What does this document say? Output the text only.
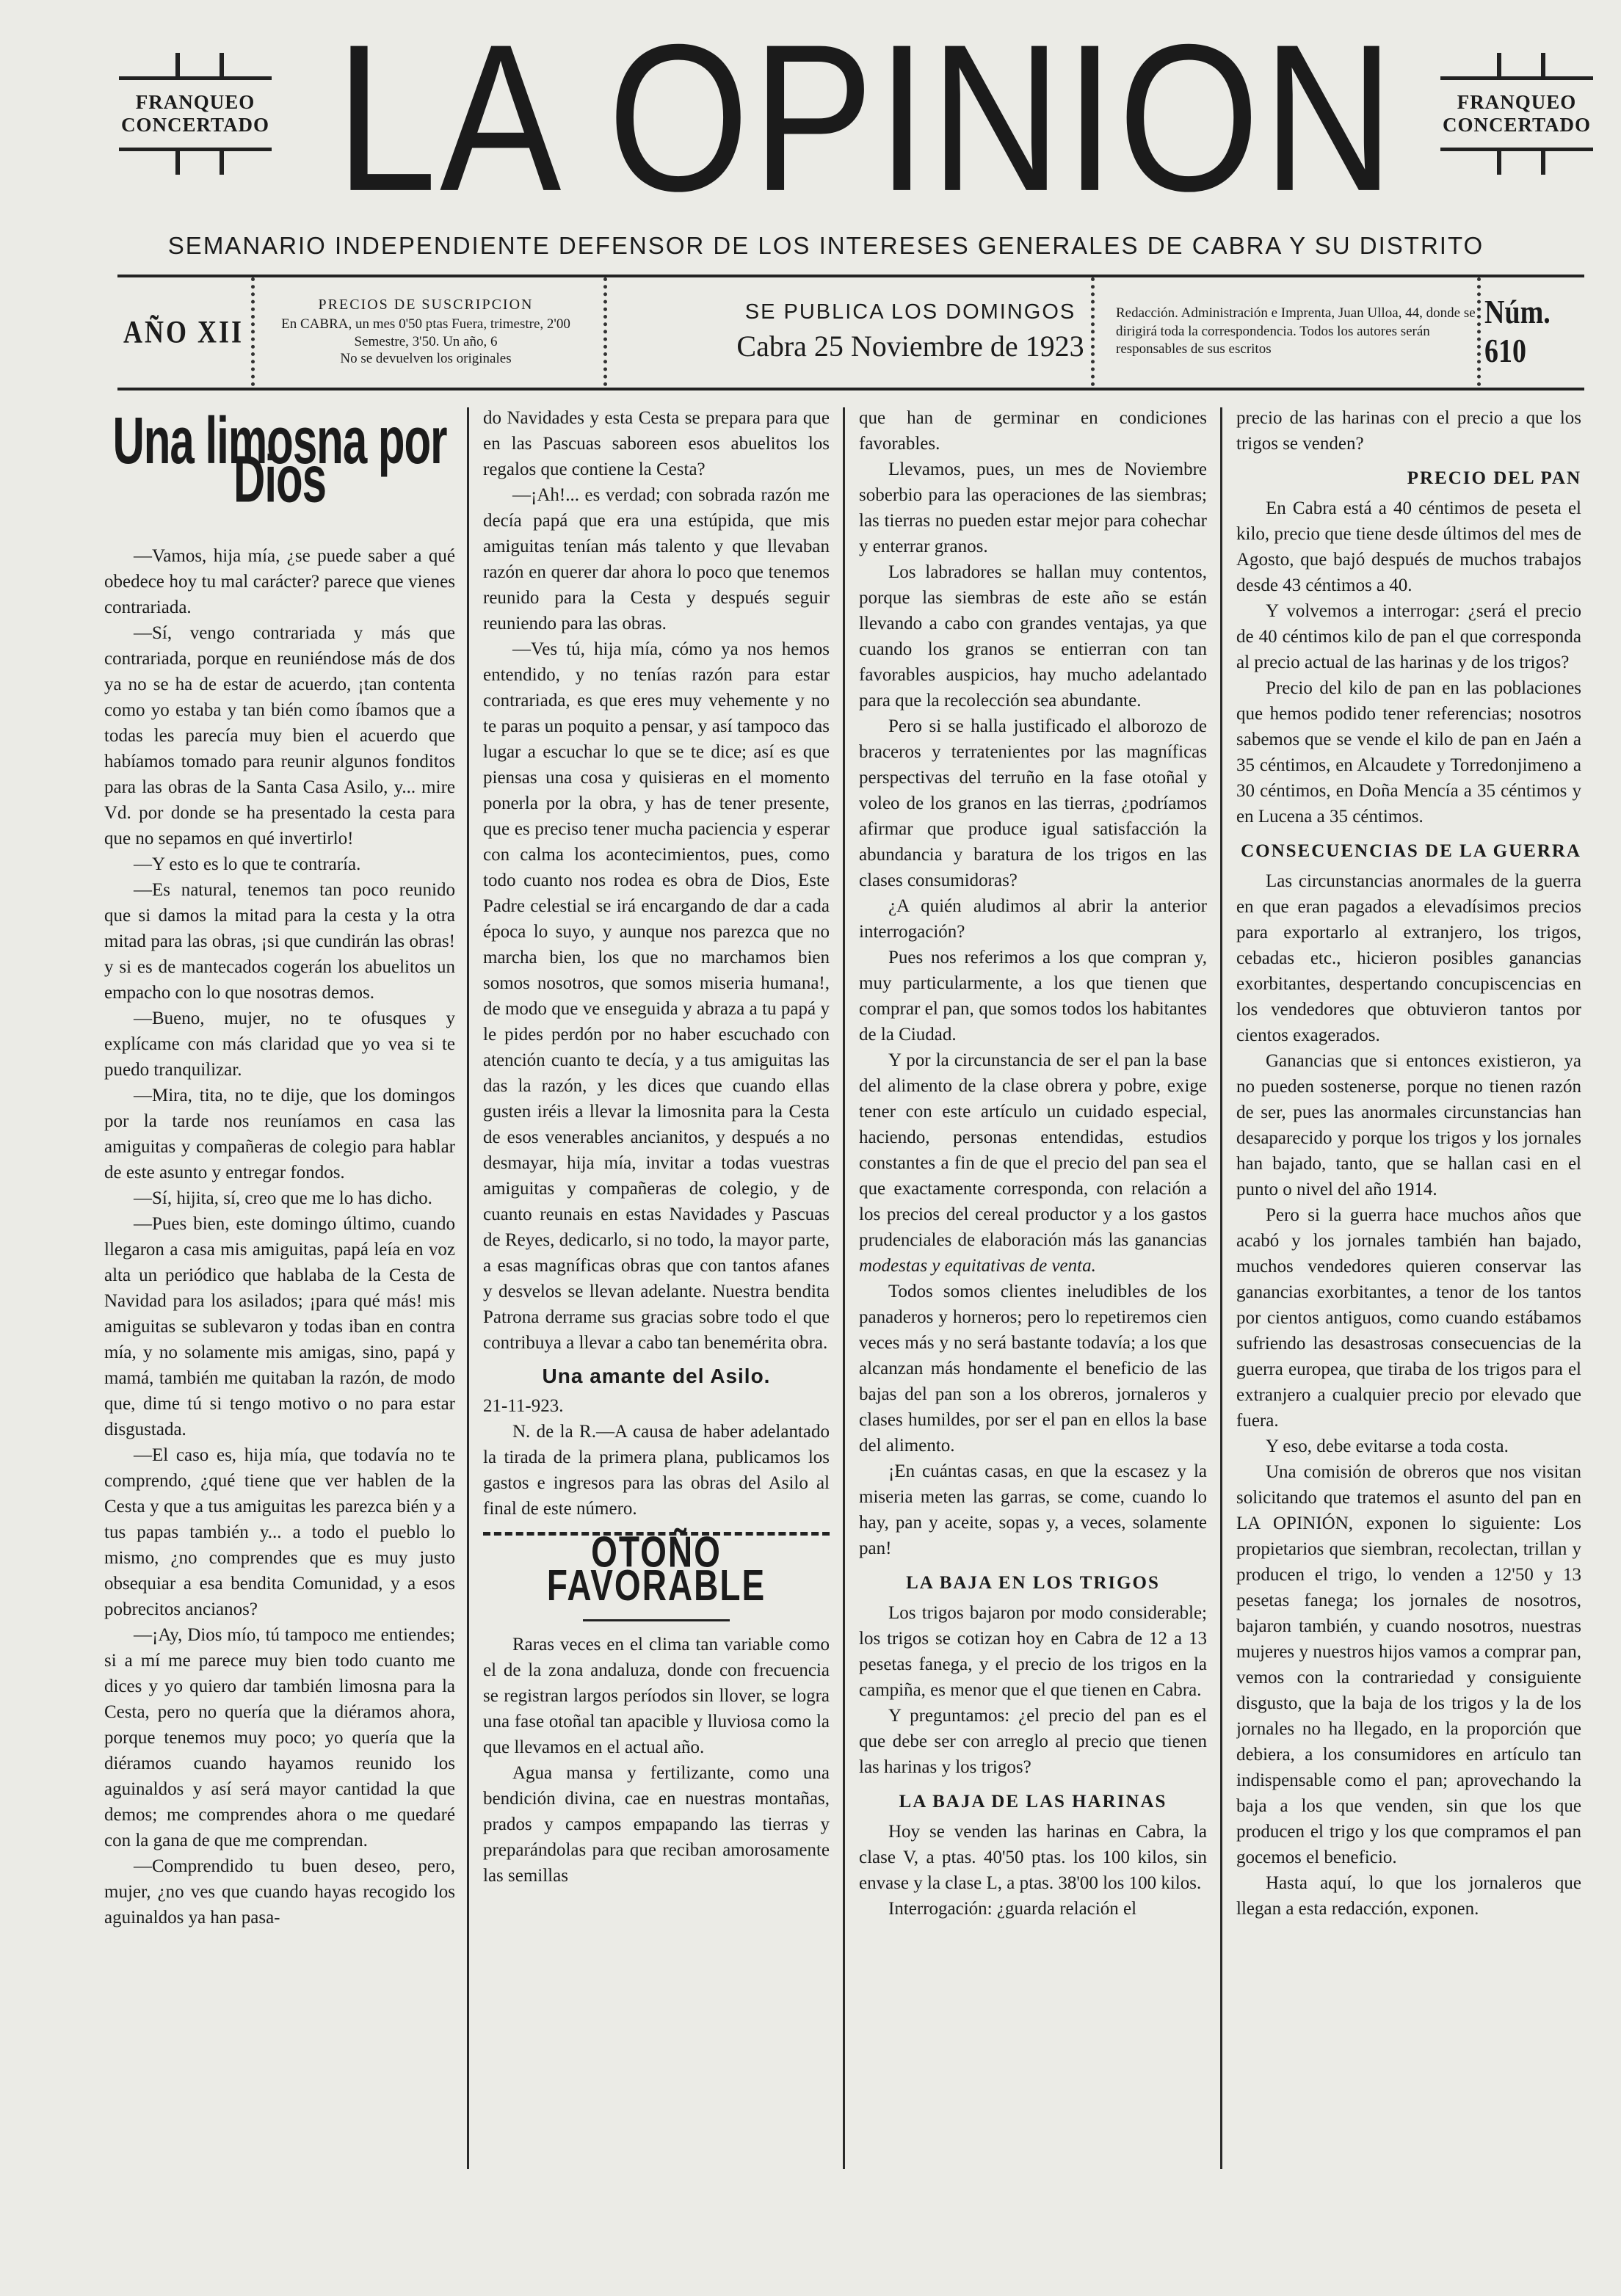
FRANQUEO CONCERTADO
FRANQUEO CONCERTADO
LA OPINION
SEMANARIO INDEPENDIENTE DEFENSOR DE LOS INTERESES GENERALES DE CABRA Y SU DISTRITO
AÑO XII
PRECIOS DE SUSCRIPCION
En CABRA, un mes 0'50 ptas Fuera, trimestre, 2'00 Semestre, 3'50. Un año, 6
No se devuelven los originales
SE PUBLICA LOS DOMINGOS
Cabra 25 Noviembre de 1923
Redacción. Administración e Imprenta, Juan Ulloa, 44, donde se dirigirá toda la correspondencia. Todos los autores serán responsables de sus escritos
Núm. 610
Una limosna por Dios

—Vamos, hija mía, ¿se puede saber a qué obedece hoy tu mal carácter? parece que vienes contrariada.

—Sí, vengo contrariada y más que contrariada, porque en reuniéndose más de dos ya no se ha de estar de acuerdo, ¡tan contenta como yo estaba y tan bién como íbamos que a todas les parecía muy bien el acuerdo que habíamos tomado para reunir algunos fonditos para las obras de la Santa Casa Asilo, y... mire Vd. por donde se ha presentado la cesta para que no sepamos en qué invertirlo!

—Y esto es lo que te contraría.

—Es natural, tenemos tan poco reunido que si damos la mitad para la cesta y la otra mitad para las obras, ¡si que cundirán las obras! y si es de mantecados cogerán los abuelitos un empacho con lo que nosotras demos.

—Bueno, mujer, no te ofusques y explícame con más claridad que yo vea si te puedo tranquilizar.

—Mira, tita, no te dije, que los domingos por la tarde nos reuníamos en casa las amiguitas y compañeras de colegio para hablar de este asunto y entregar fondos.

—Sí, hijita, sí, creo que me lo has dicho.

—Pues bien, este domingo último, cuando llegaron a casa mis amiguitas, papá leía en voz alta un periódico que hablaba de la Cesta de Navidad para los asilados; ¡para qué más! mis amiguitas se sublevaron y todas iban en contra mía, y no solamente mis amigas, sino, papá y mamá, también me quitaban la razón, de modo que, dime tú si tengo motivo o no para estar disgustada.

—El caso es, hija mía, que todavía no te comprendo, ¿qué tiene que ver hablen de la Cesta y que a tus amiguitas les parezca bién y a tus papas también y... a todo el pueblo lo mismo, ¿no comprendes que es muy justo obsequiar a esa bendita Comunidad, y a esos pobrecitos ancianos?

—¡Ay, Dios mío, tú tampoco me entiendes; si a mí me parece muy bien todo cuanto me dices y yo quiero dar también limosna para la Cesta, pero no quería que la diéramos ahora, porque tenemos muy poco; yo quería que la diéramos cuando hayamos reunido los aguinaldos y así será mayor cantidad la que demos; me comprendes ahora o me quedaré con la gana de que me comprendan.

—Comprendido tu buen deseo, pero, mujer, ¿no ves que cuando hayas recogido los aguinaldos ya han pasa-

do Navidades y esta Cesta se prepara para que en las Pascuas saboreen esos abuelitos los regalos que contiene la Cesta?

—¡Ah!... es verdad; con sobrada razón me decía papá que era una estúpida, que mis amiguitas tenían más talento y que llevaban razón en querer dar ahora lo poco que tenemos reunido para la Cesta y después seguir reuniendo para las obras.

—Ves tú, hija mía, cómo ya nos hemos entendido, y no tenías razón para estar contrariada, es que eres muy vehemente y no te paras un poquito a pensar, y así tampoco das lugar a escuchar lo que se te dice; así es que piensas una cosa y quisieras en el momento ponerla por la obra, y has de tener presente, que es preciso tener mucha paciencia y esperar con calma los acontecimientos, pues, como todo cuanto nos rodea es obra de Dios, Este Padre celestial se irá encargando de dar a cada época lo suyo, y aunque nos parezca que no marcha bien, los que no marchamos bien somos nosotros, que somos miseria humana!, de modo que ve enseguida y abraza a tu papá y le pides perdón por no haber escuchado con atención cuanto te decía, y a tus amiguitas las das la razón, y les dices que cuando ellas gusten iréis a llevar la limosnita para la Cesta de esos venerables ancianitos, y después a no desmayar, hija mía, invitar a todas vuestras amiguitas y compañeras de colegio, y de cuanto reunais en estas Navidades y Pascuas de Reyes, dedicarlo, si no todo, la mayor parte, a esas magníficas obras que con tantos afanes y desvelos se llevan adelante. Nuestra bendita Patrona derrame sus gracias sobre todo el que contribuya a llevar a cabo tan benemérita obra.

Una amante del Asilo.

21-11-923.

N. de la R.—A causa de haber adelantado la tirada de la primera plana, publicamos los gastos e ingresos para las obras del Asilo al final de este número.

OTOÑO FAVORABLE

Raras veces en el clima tan variable como el de la zona andaluza, donde con frecuencia se registran largos períodos sin llover, se logra una fase otoñal tan apacible y lluviosa como la que llevamos en el actual año.

Agua mansa y fertilizante, como una bendición divina, cae en nuestras montañas, prados y campos empapando las tierras y preparándolas para que reciban amorosamente las semillas

que han de germinar en condiciones favorables.

Llevamos, pues, un mes de Noviembre soberbio para las operaciones de las siembras; las tierras no pueden estar mejor para cohechar y enterrar granos.

Los labradores se hallan muy contentos, porque las siembras de este año se están llevando a cabo con grandes ventajas, ya que cuando los granos se entierran con tan favorables auspicios, hay mucho adelantado para que la recolección sea abundante.

Pero si se halla justificado el alborozo de braceros y terratenientes por las magníficas perspectivas del terruño en la fase otoñal y voleo de los granos en las tierras, ¿podríamos afirmar que produce igual satisfacción la abundancia y baratura de los trigos en las clases consumidoras?

¿A quién aludimos al abrir la anterior interrogación?

Pues nos referimos a los que compran y, muy particularmente, a los que tienen que comprar el pan, que somos todos los habitantes de la Ciudad.

Y por la circunstancia de ser el pan la base del alimento de la clase obrera y pobre, exige tener con este artículo un cuidado especial, haciendo, personas entendidas, estudios constantes a fin de que el precio del pan sea el que exactamente corresponda, con relación a los precios del cereal productor y a los gastos prudenciales de elaboración más las ganancias modestas y equitativas de venta.

Todos somos clientes ineludibles de los panaderos y horneros; pero lo repetiremos cien veces más y no será bastante todavía; a los que alcanzan más hondamente el beneficio de las bajas del pan son a los obreros, jornaleros y clases humildes, por ser el pan en ellos la base del alimento.

¡En cuántas casas, en que la escasez y la miseria meten las garras, se come, cuando lo hay, pan y aceite, sopas y, a veces, solamente pan!

LA BAJA EN LOS TRIGOS

Los trigos bajaron por modo considerable; los trigos se cotizan hoy en Cabra de 12 a 13 pesetas fanega, y el precio de los trigos en la campiña, es menor que el que tienen en Cabra.

Y preguntamos: ¿el precio del pan es el que debe ser con arreglo al precio que tienen las harinas y los trigos?

LA BAJA DE LAS HARINAS

Hoy se venden las harinas en Cabra, la clase V, a ptas. 40'50 ptas. los 100 kilos, sin envase y la clase L, a ptas. 38'00 los 100 kilos.

Interrogación: ¿guarda relación el

precio de las harinas con el precio a que los trigos se venden?

PRECIO DEL PAN

En Cabra está a 40 céntimos de peseta el kilo, precio que tiene desde últimos del mes de Agosto, que bajó después de muchos trabajos desde 43 céntimos a 40.

Y volvemos a interrogar: ¿será el precio de 40 céntimos kilo de pan el que corresponda al precio actual de las harinas y de los trigos?

Precio del kilo de pan en las poblaciones que hemos podido tener referencias; nosotros sabemos que se vende el kilo de pan en Jaén a 35 céntimos, en Alcaudete y Torredonjimeno a 30 céntimos, en Doña Mencía a 35 céntimos y en Lucena a 35 céntimos.

CONSECUENCIAS DE LA GUERRA

Las circunstancias anormales de la guerra en que eran pagados a elevadísimos precios para exportarlo al extranjero, los trigos, cebadas etc., hicieron posibles ganancias exorbitantes, despertando concupiscencias en los vendedores que obtuvieron tantos por cientos exagerados.

Ganancias que si entonces existieron, ya no pueden sostenerse, porque no tienen razón de ser, pues las anormales circunstancias han desaparecido y porque los trigos y los jornales han bajado, tanto, que se hallan casi en el punto o nivel del año 1914.

Pero si la guerra hace muchos años que acabó y los jornales también han bajado, muchos vendedores quieren conservar las ganancias exorbitantes, a tenor de los tantos por cientos antiguos, como cuando estábamos sufriendo las desastrosas consecuencias de la guerra europea, que tiraba de los trigos para el extranjero a cualquier precio por elevado que fuera.

Y eso, debe evitarse a toda costa.

Una comisión de obreros que nos visitan solicitando que tratemos el asunto del pan en LA OPINIÓN, exponen lo siguiente: Los propietarios que siembran, recolectan, trillan y producen el trigo, lo venden a 12'50 y 13 pesetas fanega; los jornales de nosotros, bajaron también, y cuando nosotros, nuestras mujeres y nuestros hijos vamos a comprar pan, vemos con la contrariedad y consiguiente disgusto, que la baja de los trigos y la de los jornales no ha llegado, en la proporción que debiera, a los consumidores en artículo tan indispensable como el pan; aprovechando la baja a los que venden, sin que los que producen el trigo y los que compramos el pan gocemos el beneficio.

Hasta aquí, lo que los jornaleros que llegan a esta redacción, exponen.
